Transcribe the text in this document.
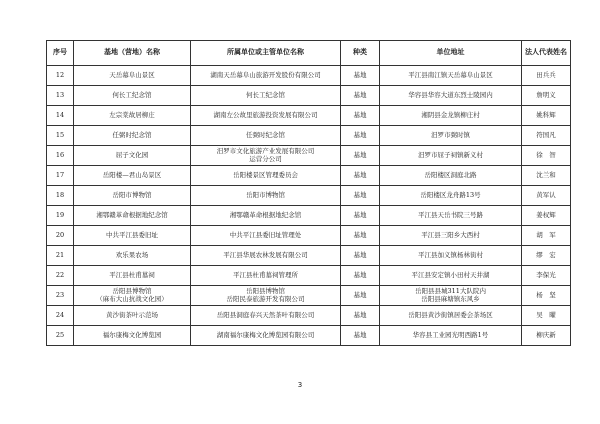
序号	基地（营地）名称	所属单位或主管单位名称	种类	单位地址	法人代表姓名

12	天岳幕阜山景区	湖南天岳幕阜山旅游开发股份有限公司	基地	平江县南江镇天岳幕阜山景区	田兵兵

13	何长工纪念馆	何长工纪念馆	基地	华容县华容大道东烈士陵园内	詹明义

14	左宗棠故居柳庄	湖南左公故里旅游投资发展有限公司	基地	湘阴县金龙镇柳庄村	姚科辉

15	任弼时纪念馆	任弼时纪念馆	基地	汨罗市弼时镇	符国凡

16	屈子文化园	汨罗市文化旅游产业发展有限公司
运营分公司	基地	汨罗市屈子祠镇新义村	徐　智

17	岳阳楼—君山岛景区	岳阳楼景区管理委员会	基地	岳阳楼区洞庭北路	沈兰和

18	岳阳市博物馆	岳阳市博物馆	基地	岳阳楼区龙舟路13号	黄军认

19	湘鄂赣革命根据地纪念馆	湘鄂赣革命根据地纪念馆	基地	平江县天岳书院三号路	姜权辉

20	中共平江县委旧址	中共平江县委旧址管理处	基地	平江县三阳乡大西村	胡　军

21	欢乐果农场	平江县华展农林发展有限公司	基地	平江县加义镇杨林街村	缪　宏

22	平江县杜甫墓祠	平江县杜甫墓祠管理所	基地	平江县安定镇小田村天井湖	李保光

23	岳阳县博物馆
（麻布大山抗战文化园）	岳阳县博物馆
岳阳民泰旅游开发有限公司	基地	岳阳县县城311大队院内
岳阳县麻塘镇东风乡	杨　坚

24	黄沙街茶叶示范场	岳阳县洞庭春兴天然茶叶有限公司	基地	岳阳县黄沙街镇居委会茶场区	吴　曜

25	福尔康梅文化博览园	湖南福尔康梅文化博览园有限公司	基地	华容县工业园光明西路1号	柳庆新
3
